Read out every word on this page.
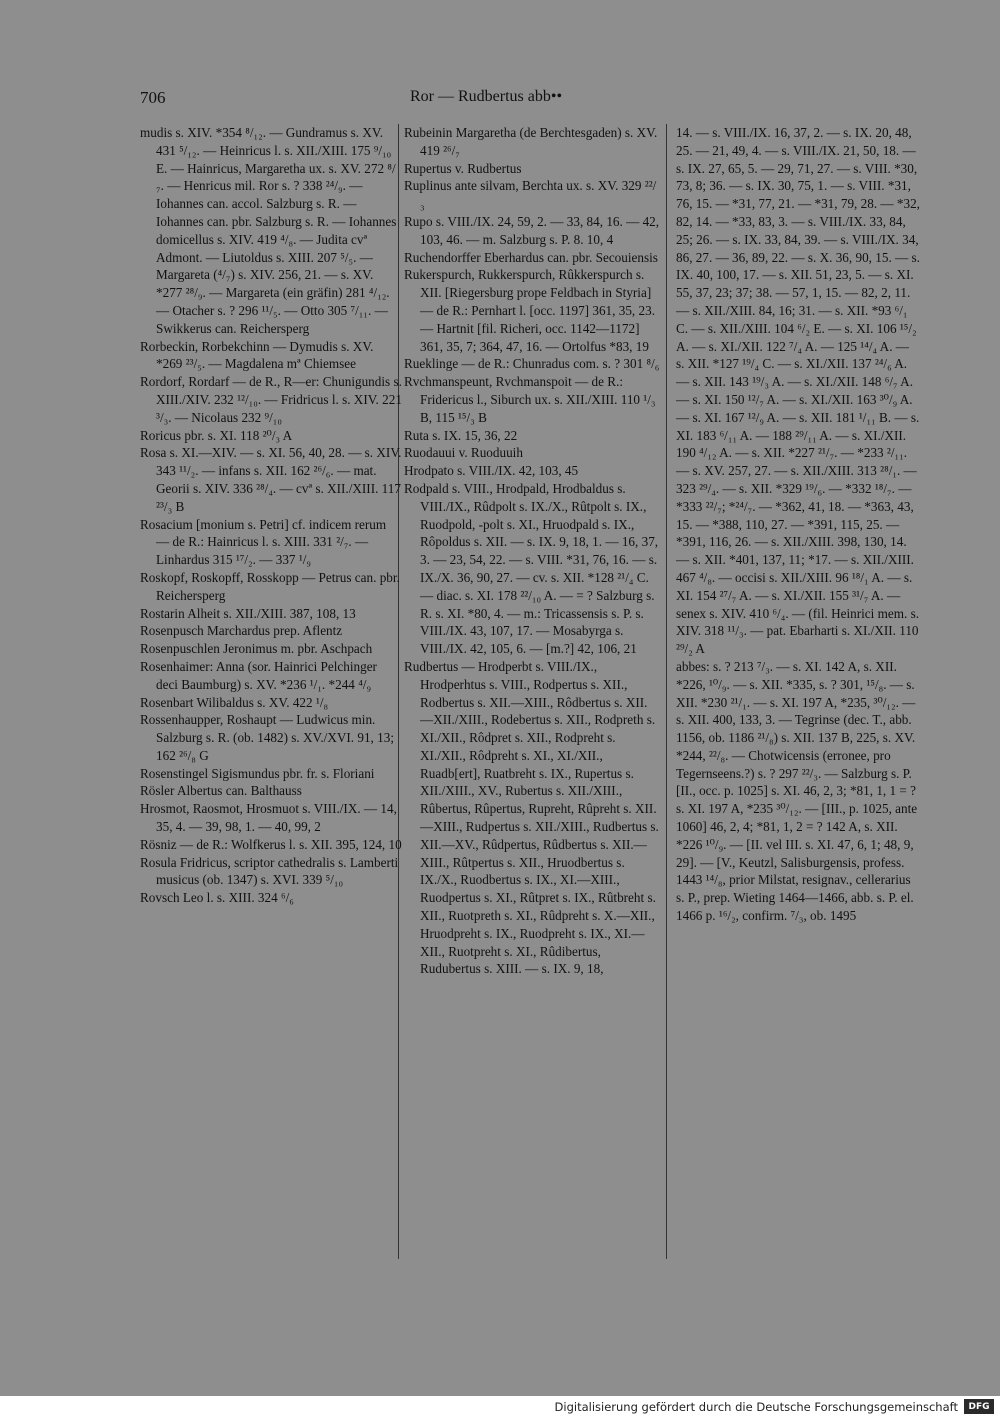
706	Ror — Rudbertus abb••

mudis s. XIV. *354 ⁸/₁₂. — Gundramus s. XV. 431 ⁵/₁₂. — Heinricus l. s. XII./XIII. 175 ⁹/₁₀ E. — Hainricus, Margaretha ux. s. XV. 272 ⁸/₇. — Henricus mil. Ror s. ? 338 ²⁴/₉. — Iohannes can. accol. Salzburg s. R. — Iohannes can. pbr. Salzburg s. R. — Iohannes domicellus s. XIV. 419 ⁴/₈. — Judita cvª Admont. — Liutoldus s. XIII. 207 ⁵/₅. — Margareta (⁴/₇) s. XIV. 256, 21. — s. XV. *277 ²⁸/₉. — Margareta (ein gräfin) 281 ⁴/₁₂. — Otacher s. ? 296 ¹¹/₅. — Otto 305 ⁷/₁₁. — Swikkerus can. Reichersperg

Rorbeckin, Rorbekchinn — Dymudis s. XV. *269 ²³/₅. — Magdalena mª Chiemsee

Rordorf, Rordarf — de R., R—er: Chunigundis s. XIII./XIV. 232 ¹²/₁₀. — Fridricus l. s. XIV. 221 ³/₃. — Nicolaus 232 ⁹/₁₀

Roricus pbr. s. XI. 118 ²⁰/₃ A

Rosa s. XI.—XIV. — s. XI. 56, 40, 28. — s. XIV. 343 ¹¹/₂. — infans s. XII. 162 ²⁶/₆. — mat. Georii s. XIV. 336 ²⁸/₄. — cvª s. XII./XIII. 117 ²³/₃ B

Rosacium [monium s. Petri] cf. indicem rerum — de R.: Hainricus l. s. XIII. 331 ²/₇. — Linhardus 315 ¹⁷/₂. — 337 ¹/₉

Roskopf, Roskopff, Rosskopp — Petrus can. pbr. Reichersperg

Rostarin Alheit s. XII./XIII. 387, 108, 13

Rosenpusch Marchardus prep. Aflentz

Rosenpuschlen Jeronimus m. pbr. Aschpach

Rosenhaimer: Anna (sor. Hainrici Pelchinger deci Baumburg) s. XV. *236 ¹/₁. *244 ⁴/₉

Rosenbart Wilibaldus s. XV. 422 ¹/₈

Rossenhaupper, Roshaupt — Ludwicus min. Salzburg s. R. (ob. 1482) s. XV./XVI. 91, 13; 162 ²⁶/₈ G

Rosenstingel Sigismundus pbr. fr. s. Floriani

Rösler Albertus can. Balthauss

Hrosmot, Raosmot, Hrosmuot s. VIII./IX. — 14, 35, 4. — 39, 98, 1. — 40, 99, 2

Rösniz — de R.: Wolfkerus l. s. XII. 395, 124, 10

Rosula Fridricus, scriptor cathedralis s. Lamberti musicus (ob. 1347) s. XVI. 339 ⁵/₁₀

Rovsch Leo l. s. XIII. 324 ⁶/₆

Rubeinin Margaretha (de Berchtesgaden) s. XV. 419 ²⁶/₇

Rupertus v. Rudbertus

Ruplinus ante silvam, Berchta ux. s. XV. 329 ²²/₃

Rupo s. VIII./IX. 24, 59, 2. — 33, 84, 16. — 42, 103, 46. — m. Salzburg s. P. 8. 10, 4

Ruchendorffer Eberhardus can. pbr. Secouiensis

Rukerspurch, Rukkerspurch, Rûkkerspurch s. XII. [Riegersburg prope Feldbach in Styria] — de R.: Pernhart l. [occ. 1197] 361, 35, 23. — Hartnit [fil. Richeri, occ. 1142—1172] 361, 35, 7; 364, 47, 16. — Ortolfus *83, 19

Rueklinge — de R.: Chunradus com. s. ? 301 ⁸/₆

Rvchmanspeunt, Rvchmanspoit — de R.: Fridericus l., Siburch ux. s. XII./XIII. 110 ¹/₃ B, 115 ¹⁵/₃ B

Ruta s. IX. 15, 36, 22

Ruodauui v. Ruoduuih

Hrodpato s. VIII./IX. 42, 103, 45

Rodpald s. VIII., Hrodpald, Hrodbaldus s. VIII./IX., Rûdpolt s. IX./X., Rûtpolt s. IX., Ruodpold, -polt s. XI., Hruodpald s. IX., Rôpoldus s. XII. — s. IX. 9, 18, 1. — 16, 37, 3. — 23, 54, 22. — s. VIII. *31, 76, 16. — s. IX./X. 36, 90, 27. — cv. s. XII. *128 ²¹/₄ C. — diac. s. XI. 178 ²²/₁₀ A. — = ? Salzburg s. R. s. XI. *80, 4. — m.: Tricassensis s. P. s. VIII./IX. 43, 107, 17. — Mosabyrga s. VIII./IX. 42, 105, 6. — [m.?] 42, 106, 21

Rudbertus — Hrodperbt s. VIII./IX., Hrodperhtus s. VIII., Rodpertus s. XII., Rodbertus s. XII.—XIII., Rôdbertus s. XII.—XII./XIII., Rodebertus s. XII., Rodpreth s. XI./XII., Rôdpret s. XII., Rodpreht s. XI./XII., Rôdpreht s. XI., XI./XII., Ruadb[ert], Ruatbreht s. IX., Rupertus s. XII./XIII., XV., Rubertus s. XII./XIII., Rûbertus, Rûpertus, Rupreht, Rûpreht s. XII.—XIII., Rudpertus s. XII./XIII., Rudbertus s. XII.—XV., Rûdpertus, Rûdbertus s. XII.—XIII., Rûtpertus s. XII., Hruodbertus s. IX./X., Ruodbertus s. IX., XI.—XIII., Ruodpertus s. XI., Rûtpret s. IX., Rûtbreht s. XII., Ruotpreth s. XI., Rûdpreht s. X.—XII., Hruodpreht s. IX., Ruodpreht s. IX., XI.—XII., Ruotpreht s. XI., Rûdibertus, Rudubertus s. XIII. — s. IX. 9, 18,

14. — s. VIII./IX. 16, 37, 2. — s. IX. 20, 48, 25. — 21, 49, 4. — s. VIII./IX. 21, 50, 18. — s. IX. 27, 65, 5. — 29, 71, 27. — s. VIII. *30, 73, 8; 36. — s. IX. 30, 75, 1. — s. VIII. *31, 76, 15. — *31, 77, 21. — *31, 79, 28. — *32, 82, 14. — *33, 83, 3. — s. VIII./IX. 33, 84, 25; 26. — s. IX. 33, 84, 39. — s. VIII./IX. 34, 86, 27. — 36, 89, 22. — s. X. 36, 90, 15. — s. IX. 40, 100, 17. — s. XII. 51, 23, 5. — s. XI. 55, 37, 23; 37; 38. — 57, 1, 15. — 82, 2, 11. — s. XII./XIII. 84, 16; 31. — s. XII. *93 ⁶/₁ C. — s. XII./XIII. 104 ⁶/₂ E. — s. XI. 106 ¹⁵/₂ A. — s. XI./XII. 122 ⁷/₄ A. — 125 ¹⁴/₄ A. — s. XII. *127 ¹⁹/₄ C. — s. XI./XII. 137 ²⁴/₆ A. — s. XII. 143 ¹⁹/₃ A. — s. XI./XII. 148 ⁶/₇ A. — s. XI. 150 ¹²/₇ A. — s. XI./XII. 163 ³⁰/₉ A. — s. XI. 167 ¹²/₉ A. — s. XII. 181 ¹/₁₁ B. — s. XI. 183 ⁶/₁₁ A. — 188 ²⁹/₁₁ A. — s. XI./XII. 190 ⁴/₁₂ A. — s. XII. *227 ²¹/₇. — *233 ²/₁₁. — s. XV. 257, 27. — s. XII./XIII. 313 ²⁸/₁. — 323 ²⁹/₄. — s. XII. *329 ¹⁹/₆. — *332 ¹⁸/₇. — *333 ²²/₇; *²⁴/₇. — *362, 41, 18. — *363, 43, 15. — *388, 110, 27. — *391, 115, 25. — *391, 116, 26. — s. XII./XIII. 398, 130, 14. — s. XII. *401, 137, 11; *17. — s. XII./XIII. 467 ⁴/₈. — occisi s. XII./XIII. 96 ¹⁸/₁ A. — s. XI. 154 ²⁷/₇ A. — s. XI./XII. 155 ³¹/₇ A. — senex s. XIV. 410 ⁶/₄. — (fil. Heinrici mem. s. XIV. 318 ¹¹/₃. — pat. Ebarharti s. XI./XII. 110 ²⁹/₂ A

abbes: s. ? 213 ⁷/₃. — s. XI. 142 A, s. XII. *226, ¹⁰/₉. — s. XII. *335, s. ? 301, ¹⁵/₈. — s. XII. *230 ²¹/₁. — s. XI. 197 A, *235, ³⁰/₁₂. — s. XII. 400, 133, 3. — Tegrinse (dec. T., abb. 1156, ob. 1186 ²¹/₈) s. XII. 137 B, 225, s. XV. *244, ²²/₈. — Chotwicensis (erronee, pro Tegernseens.?) s. ? 297 ²²/₃. — Salzburg s. P. [II., occ. p. 1025] s. XI. 46, 2, 3; *81, 1, 1 = ? s. XI. 197 A, *235 ³⁰/₁₂. — [III., p. 1025, ante 1060] 46, 2, 4; *81, 1, 2 = ? 142 A, s. XII. *226 ¹⁰/₉. — [II. vel III. s. XI. 47, 6, 1; 48, 9, 29]. — [V., Keutzl, Salisburgensis, profess. 1443 ¹⁴/₈, prior Milstat, resignav., cellerarius s. P., prep. Wieting 1464—1466, abb. s. P. el. 1466 p. ¹⁶/₂, confirm. ⁷/₃, ob. 1495

Digitalisierung gefördert durch die Deutsche Forschungsgemeinschaft	DFG
